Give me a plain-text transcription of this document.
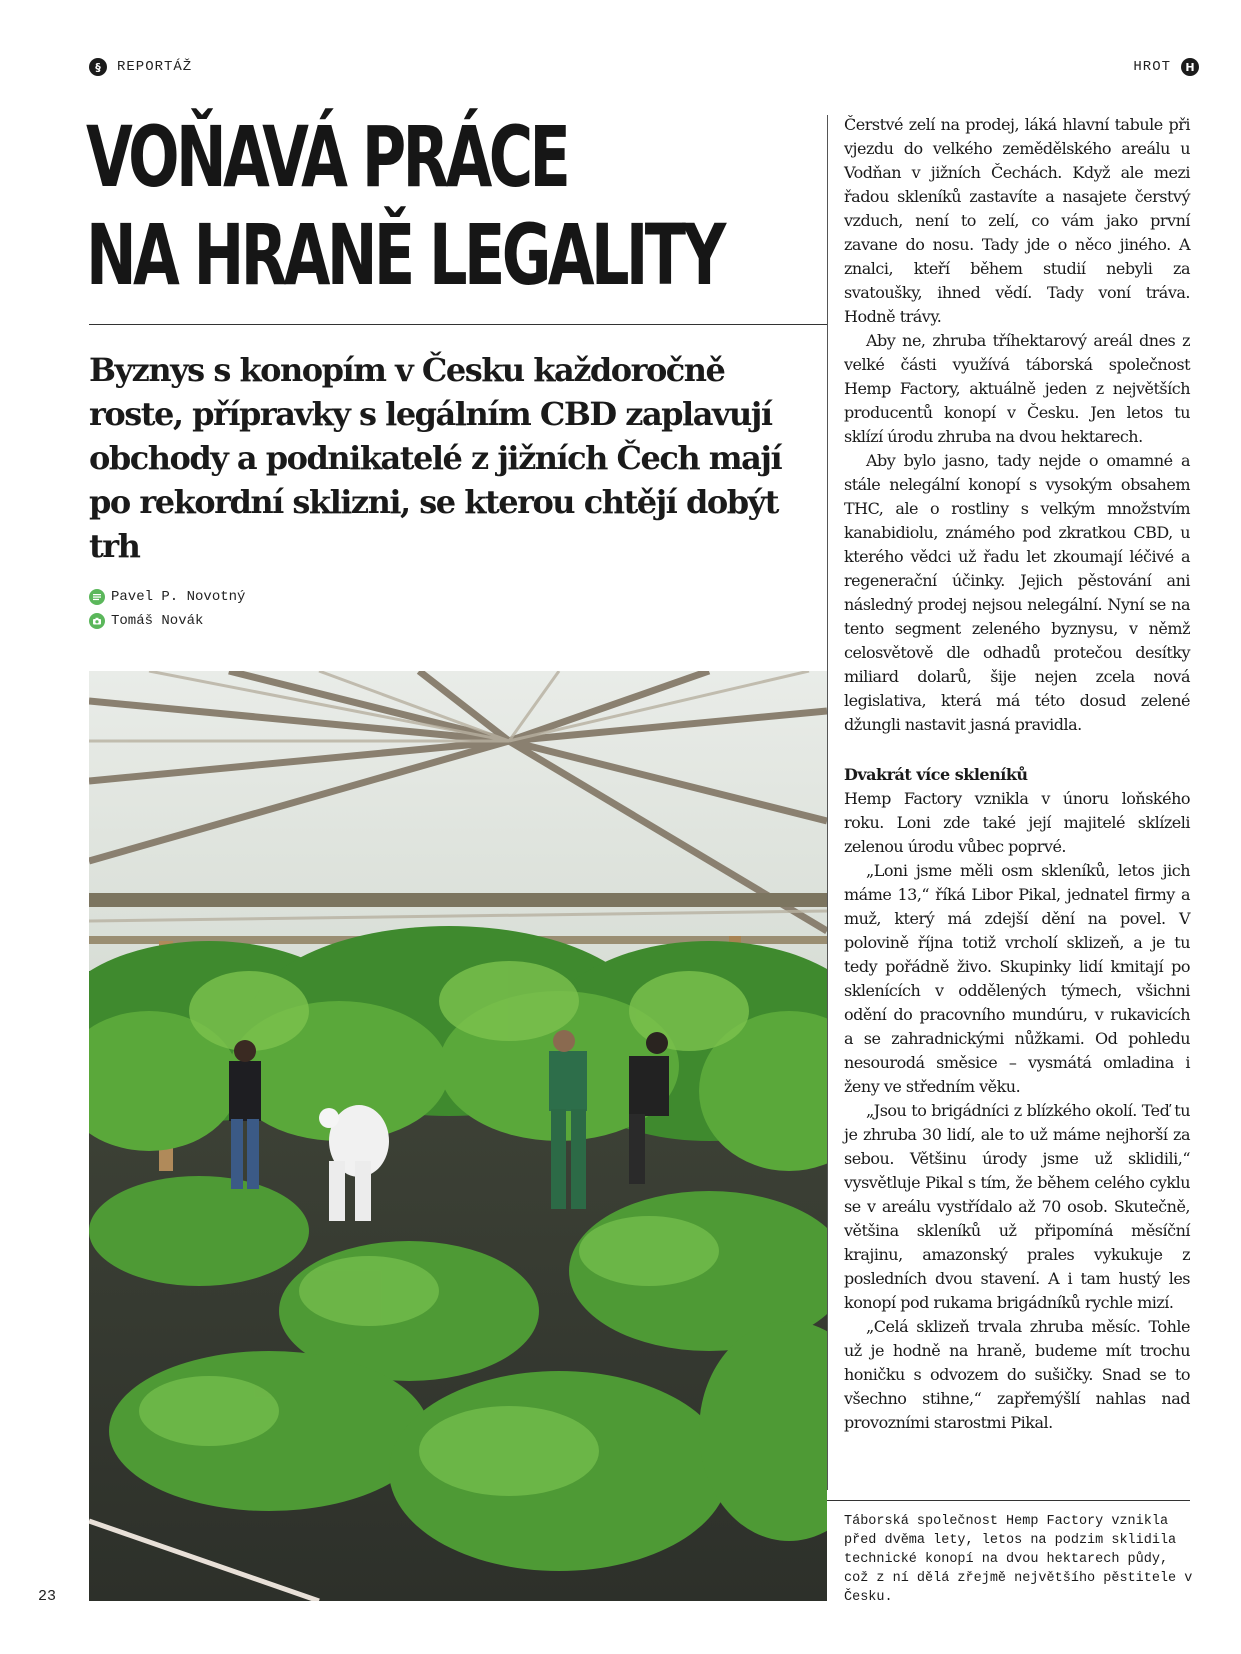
§	REPORTÁŽ	HROT	H
VOŇAVÁ PRÁCE
NA HRANĚ LEGALITY

Byznys s konopím v Česku každoročně roste, přípravky s legálním CBD zaplavují obchody a podnikatelé z jižních Čech mají po rekordní sklizni, se kterou chtějí dobýt trh

Pavel P. Novotný
Tomáš Novák

Čerstvé zelí na prodej, láká hlavní tabule při vjezdu do velkého zemědělského areálu u Vodňan v jižních Čechách. Když ale mezi řadou skleníků zastavíte a nasajete čerstvý vzduch, není to zelí, co vám jako první zavane do nosu. Tady jde o něco jiného. A znalci, kteří během studií nebyli za svatoušky, ihned vědí. Tady voní tráva. Hodně trávy.

Aby ne, zhruba tříhektarový areál dnes z velké části využívá táborská společnost Hemp Factory, aktuálně jeden z největších producentů konopí v Česku. Jen letos tu sklízí úrodu zhruba na dvou hektarech.

Aby bylo jasno, tady nejde o omamné a stále nelegální konopí s vysokým obsahem THC, ale o rostliny s velkým množstvím kanabidiolu, známého pod zkratkou CBD, u kterého vědci už řadu let zkoumají léčivé a regenerační účinky. Jejich pěstování ani následný prodej nejsou nelegální. Nyní se na tento segment zeleného byznysu, v němž celosvětově dle odhadů protečou desítky miliard dolarů, šije nejen zcela nová legislativa, která má této dosud zelené džungli nastavit jasná pravidla.

Dvakrát více skleníků

Hemp Factory vznikla v únoru loňského roku. Loni zde také její majitelé sklízeli zelenou úrodu vůbec poprvé.

„Loni jsme měli osm skleníků, letos jich máme 13,“ říká Libor Pikal, jednatel firmy a muž, který má zdejší dění na povel. V polovině října totiž vrcholí sklizeň, a je tu tedy pořádně živo. Skupinky lidí kmitají po sklenících v oddělených týmech, všichni odění do pracovního mundúru, v rukavicích a se zahradnickými nůžkami. Od pohledu nesourodá směsice – vysmátá omladina i ženy ve středním věku.

„Jsou to brigádníci z blízkého okolí. Teď tu je zhruba 30 lidí, ale to už máme nejhorší za sebou. Většinu úrody jsme už sklidili,“ vysvětluje Pikal s tím, že během celého cyklu se v areálu vystřídalo až 70 osob. Skutečně, většina skleníků už připomíná měsíční krajinu, amazonský prales vykukuje z posledních dvou stavení. A i tam hustý les konopí pod rukama brigádníků rychle mizí.

„Celá sklizeň trvala zhruba měsíc. Tohle už je hodně na hraně, budeme mít trochu honičku s odvozem do sušičky. Snad se to všechno stihne,“ zapřemýšlí nahlas nad provozními starostmi Pikal.

Táborská společnost Hemp Factory vznikla před dvěma lety, letos na podzim sklidila technické konopí na dvou hektarech půdy, což z ní dělá zřejmě největšího pěstitele v Česku.

23
